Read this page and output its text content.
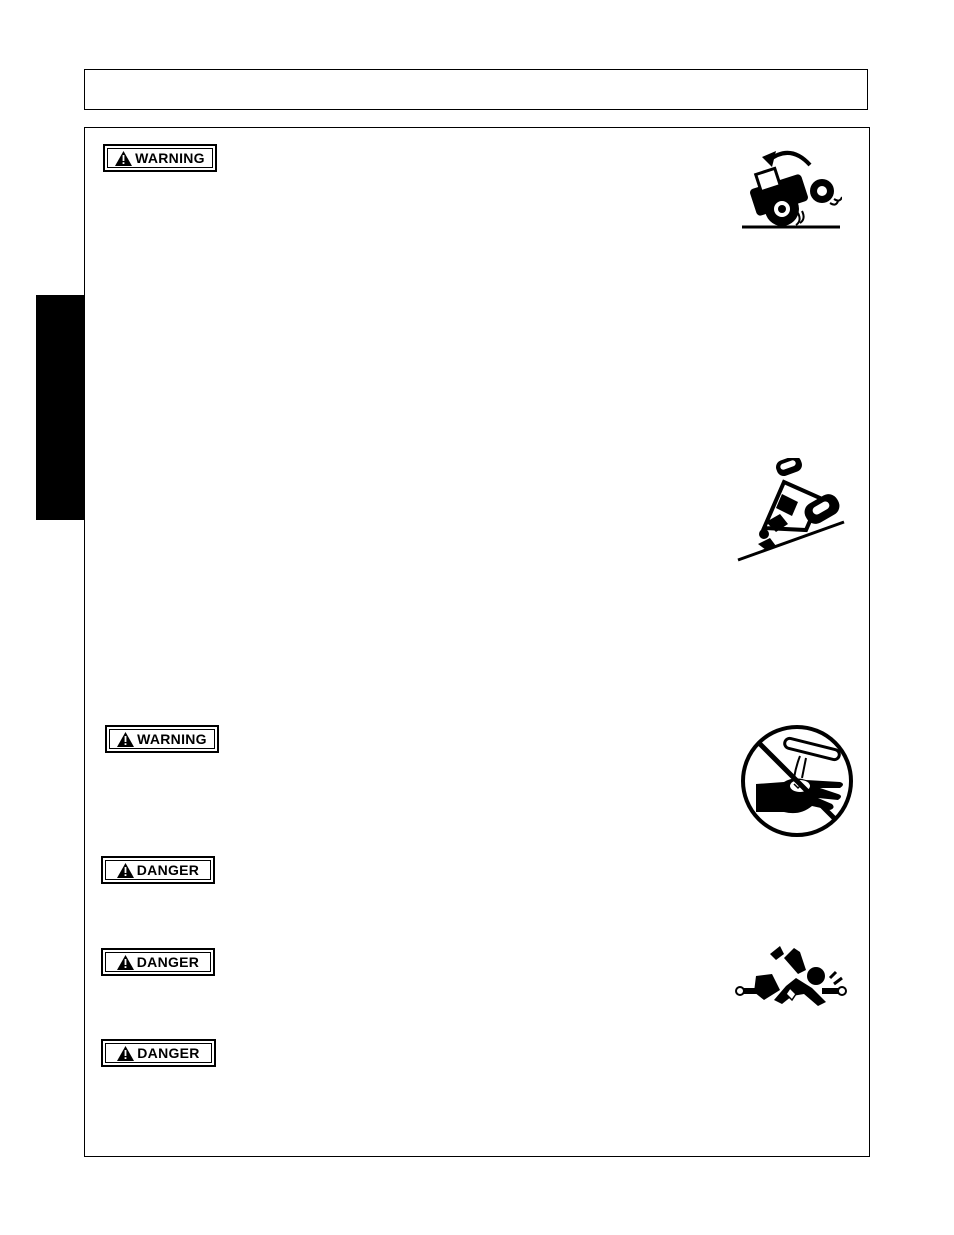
WARNING
WARNING
DANGER
DANGER
DANGER
